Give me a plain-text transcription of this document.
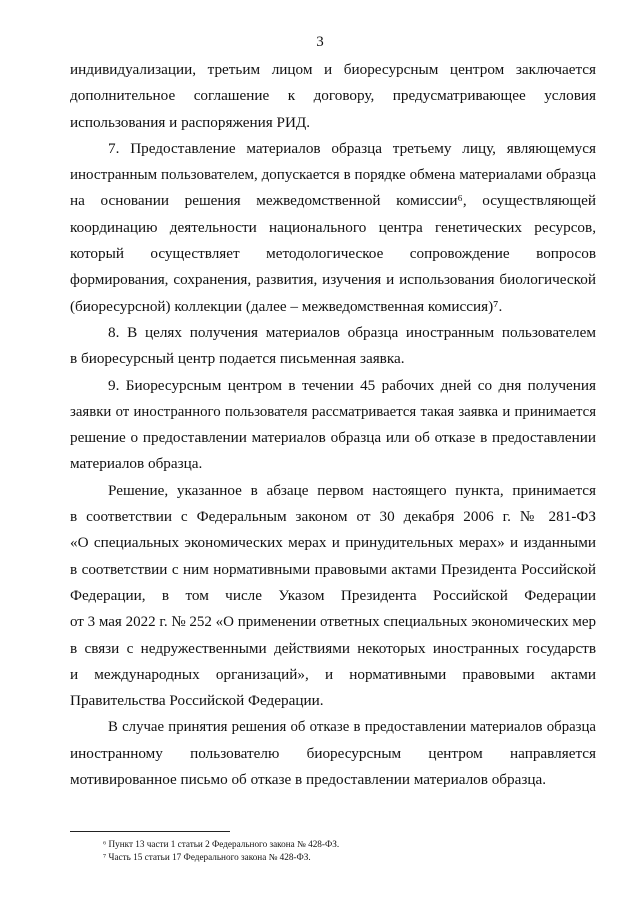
3
индивидуализации, третьим лицом и биоресурсным центром заключается
дополнительное соглашение к договору, предусматривающее условия
использования и распоряжения РИД.
7. Предоставление материалов образца третьему лицу, являющемуся
иностранным пользователем, допускается в порядке обмена материалами образца
на основании решения межведомственной комиссии⁶, осуществляющей
координацию деятельности национального центра генетических ресурсов,
который осуществляет методологическое сопровождение вопросов
формирования, сохранения, развития, изучения и использования биологической
(биоресурсной) коллекции (далее – межведомственная комиссия)⁷.
8. В целях получения материалов образца иностранным пользователем
в биоресурсный центр подается письменная заявка.
9. Биоресурсным центром в течении 45 рабочих дней со дня получения
заявки от иностранного пользователя рассматривается такая заявка и принимается
решение о предоставлении материалов образца или об отказе в предоставлении
материалов образца.
Решение, указанное в абзаце первом настоящего пункта, принимается
в соответствии с Федеральным законом от 30 декабря 2006 г. № 281-ФЗ
«О специальных экономических мерах и принудительных мерах» и изданными
в соответствии с ним нормативными правовыми актами Президента Российской
Федерации, в том числе Указом Президента Российской Федерации
от 3 мая 2022 г. № 252 «О применении ответных специальных экономических мер
в связи с недружественными действиями некоторых иностранных государств
и международных организаций», и нормативными правовыми актами
Правительства Российской Федерации.
В случае принятия решения об отказе в предоставлении материалов образца
иностранному пользователю биоресурсным центром направляется
мотивированное письмо об отказе в предоставлении материалов образца.
⁶ Пункт 13 части 1 статьи 2 Федерального закона № 428-ФЗ.
⁷ Часть 15 статьи 17 Федерального закона № 428-ФЗ.
